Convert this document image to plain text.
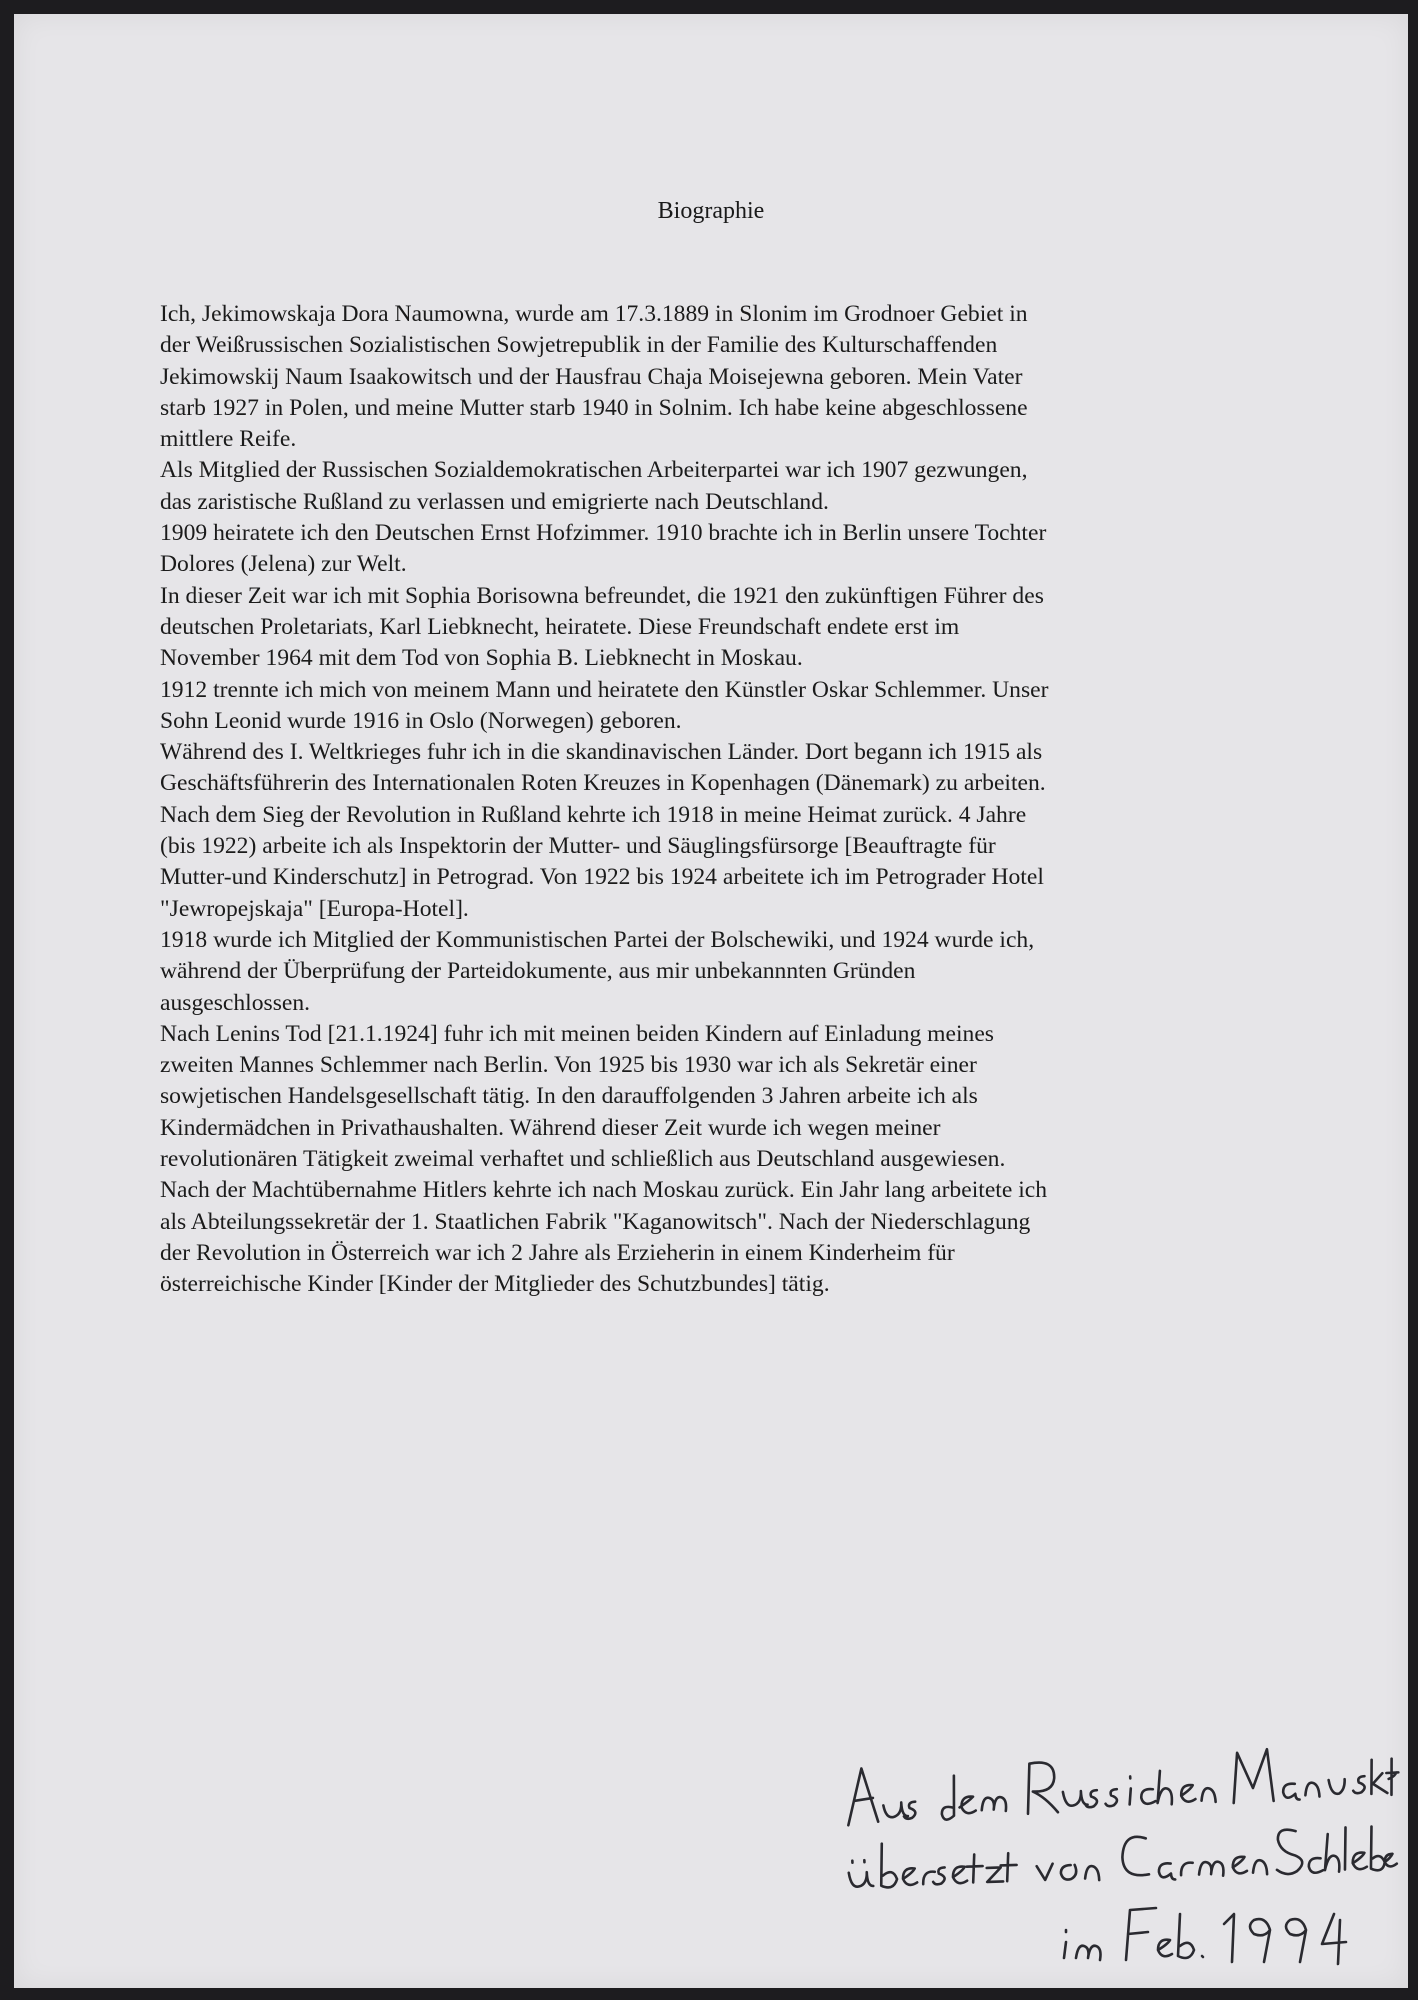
Biographie
Ich, Jekimowskaja Dora Naumowna, wurde am 17.3.1889 in Slonim im Grodnoer Gebiet in
der Weißrussischen Sozialistischen Sowjetrepublik in der Familie des Kulturschaffenden
Jekimowskij Naum Isaakowitsch und der Hausfrau Chaja Moisejewna geboren. Mein Vater
starb 1927 in Polen, und meine Mutter starb 1940 in Solnim. Ich habe keine abgeschlossene
mittlere Reife.
Als Mitglied der Russischen Sozialdemokratischen Arbeiterpartei war ich 1907 gezwungen,
das zaristische Rußland zu verlassen und emigrierte nach Deutschland.
1909 heiratete ich den Deutschen Ernst Hofzimmer. 1910 brachte ich in Berlin unsere Tochter
Dolores (Jelena) zur Welt.
In dieser Zeit war ich mit Sophia Borisowna befreundet, die 1921 den zukünftigen Führer des
deutschen Proletariats, Karl Liebknecht, heiratete. Diese Freundschaft endete erst im
November 1964 mit dem Tod von Sophia B. Liebknecht in Moskau.
1912 trennte ich mich von meinem Mann und heiratete den Künstler Oskar Schlemmer. Unser
Sohn Leonid wurde 1916 in Oslo (Norwegen) geboren.
Während des I. Weltkrieges fuhr ich in die skandinavischen Länder. Dort begann ich 1915 als
Geschäftsführerin des Internationalen Roten Kreuzes in Kopenhagen (Dänemark) zu arbeiten.
Nach dem Sieg der Revolution in Rußland kehrte ich 1918 in meine Heimat zurück. 4 Jahre
(bis 1922) arbeite ich als Inspektorin der Mutter- und Säuglingsfürsorge [Beauftragte für
Mutter-und Kinderschutz] in Petrograd. Von 1922 bis 1924 arbeitete ich im Petrograder Hotel
"Jewropejskaja" [Europa-Hotel].
1918 wurde ich Mitglied der Kommunistischen Partei der Bolschewiki, und 1924 wurde ich,
während der Überprüfung der Parteidokumente, aus mir unbekannnten Gründen
ausgeschlossen.
Nach Lenins Tod [21.1.1924] fuhr ich mit meinen beiden Kindern auf Einladung meines
zweiten Mannes Schlemmer nach Berlin. Von 1925 bis 1930 war ich als Sekretär einer
sowjetischen Handelsgesellschaft tätig. In den darauffolgenden 3 Jahren arbeite ich als
Kindermädchen in Privathaushalten. Während dieser Zeit wurde ich wegen meiner
revolutionären Tätigkeit zweimal verhaftet und schließlich aus Deutschland ausgewiesen.
Nach der Machtübernahme Hitlers kehrte ich nach Moskau zurück. Ein Jahr lang arbeitete ich
als Abteilungssekretär der 1. Staatlichen Fabrik "Kaganowitsch". Nach der Niederschlagung
der Revolution in Österreich war ich 2 Jahre als Erzieherin in einem Kinderheim für
österreichische Kinder [Kinder der Mitglieder des Schutzbundes] tätig.
